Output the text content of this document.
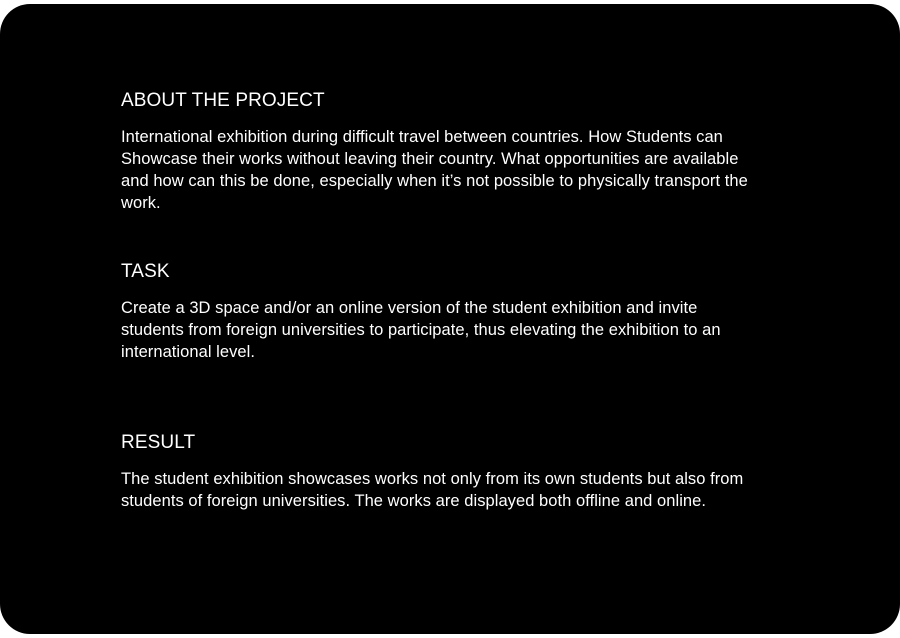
ABOUT THE PROJECT

International exhibition during difficult travel between countries. How Students can Showcase their works without leaving their country. What opportunities are available and how can this be done, especially when it’s not possible to physically transport the work.

TASK

Create a 3D space and/or an online version of the student exhibition and invite students from foreign universities to participate, thus elevating the exhibition to an international level.

RESULT

The student exhibition showcases works not only from its own students but also from students of foreign universities. The works are displayed both offline and online.
